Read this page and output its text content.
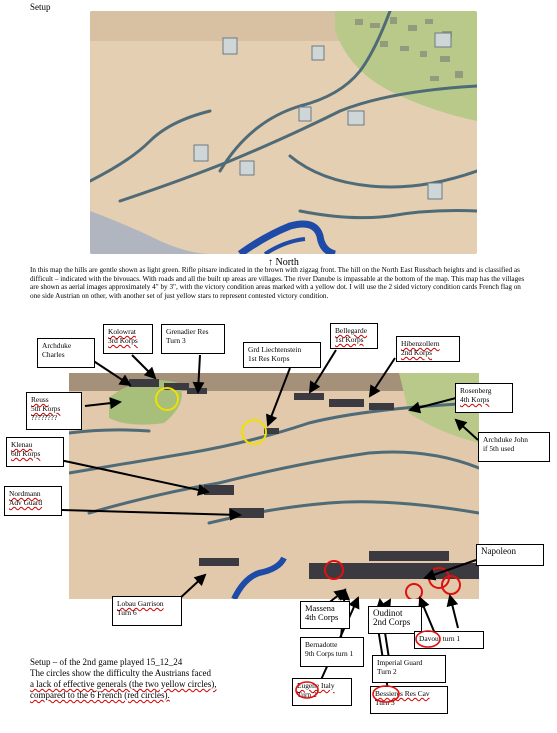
Setup
↑ North
In this map the hills are gentle shown as light green. Rifle pitsare indicated in the brown with zigzag front. The hill on the North East Russbach heights and is classified as difficult – indicated with the bivouacs. With roads and all the built up areas are villages. The river Danube is impassable at the bottom of the map. This map has the villages are shown as aerial images approximately 4" by 3", with the victory condition areas marked with a yellow dot. I will use the 2 sided victory condition cards French flag on one side Austrian on other, with another set of just yellow stars to represent contested victory condition.
Archduke
Charles
Kolowrat
3rd Korps
Grenadier Res
Turn 3
Grd Liechtenstein
1st Res Korps
Bellegarde
1st Korps	Hibenzollern
2nd Korps
Reuss
5th Korps
????????
Rosenberg
4th Korps
Klenau
6th Korps
Archduke John
if 5th used
Nordmann
Adv Guard
Napoleon
Lobau Garrison
Turn 6	Massena
4th Corps	Oudinot
2nd Corps
Bernadotte
9th Corps turn 1
Davout turn 1
Imperial Guard
Turn 2
Eugene Italy
Turn 2	Bessieres Res Cav
Turn 3
Setup – of the 2nd game played 15_12_24
The circles show the difficulty the Austrians faced
a lack of effective generals (the two yellow circles),
compared to the 6 French (red circles).
